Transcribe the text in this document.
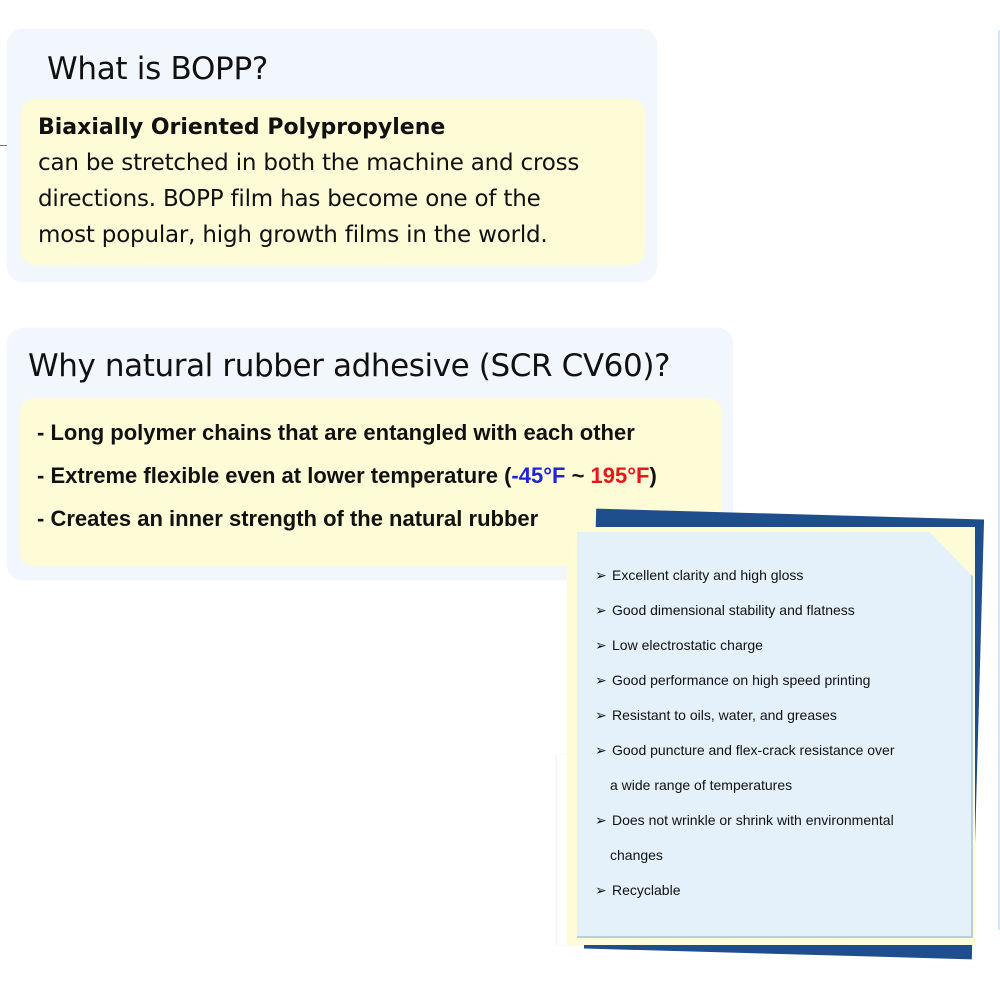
What is BOPP?
Biaxially Oriented Polypropylene
can be stretched in both the machine and cross
directions. BOPP film has become one of the
most popular, high growth films in the world.
Why natural rubber adhesive (SCR CV60)?
- Long polymer chains that are entangled with each other
- Extreme flexible even at lower temperature (-45°F ~ 195°F)
- Creates an inner strength of the natural rubber
➢ Excellent clarity and high gloss
➢ Good dimensional stability and flatness
➢ Low electrostatic charge
➢ Good performance on high speed printing
➢ Resistant to oils, water, and greases
➢ Good puncture and flex-crack resistance over
a wide range of temperatures
➢ Does not wrinkle or shrink with environmental
changes
➢ Recyclable
